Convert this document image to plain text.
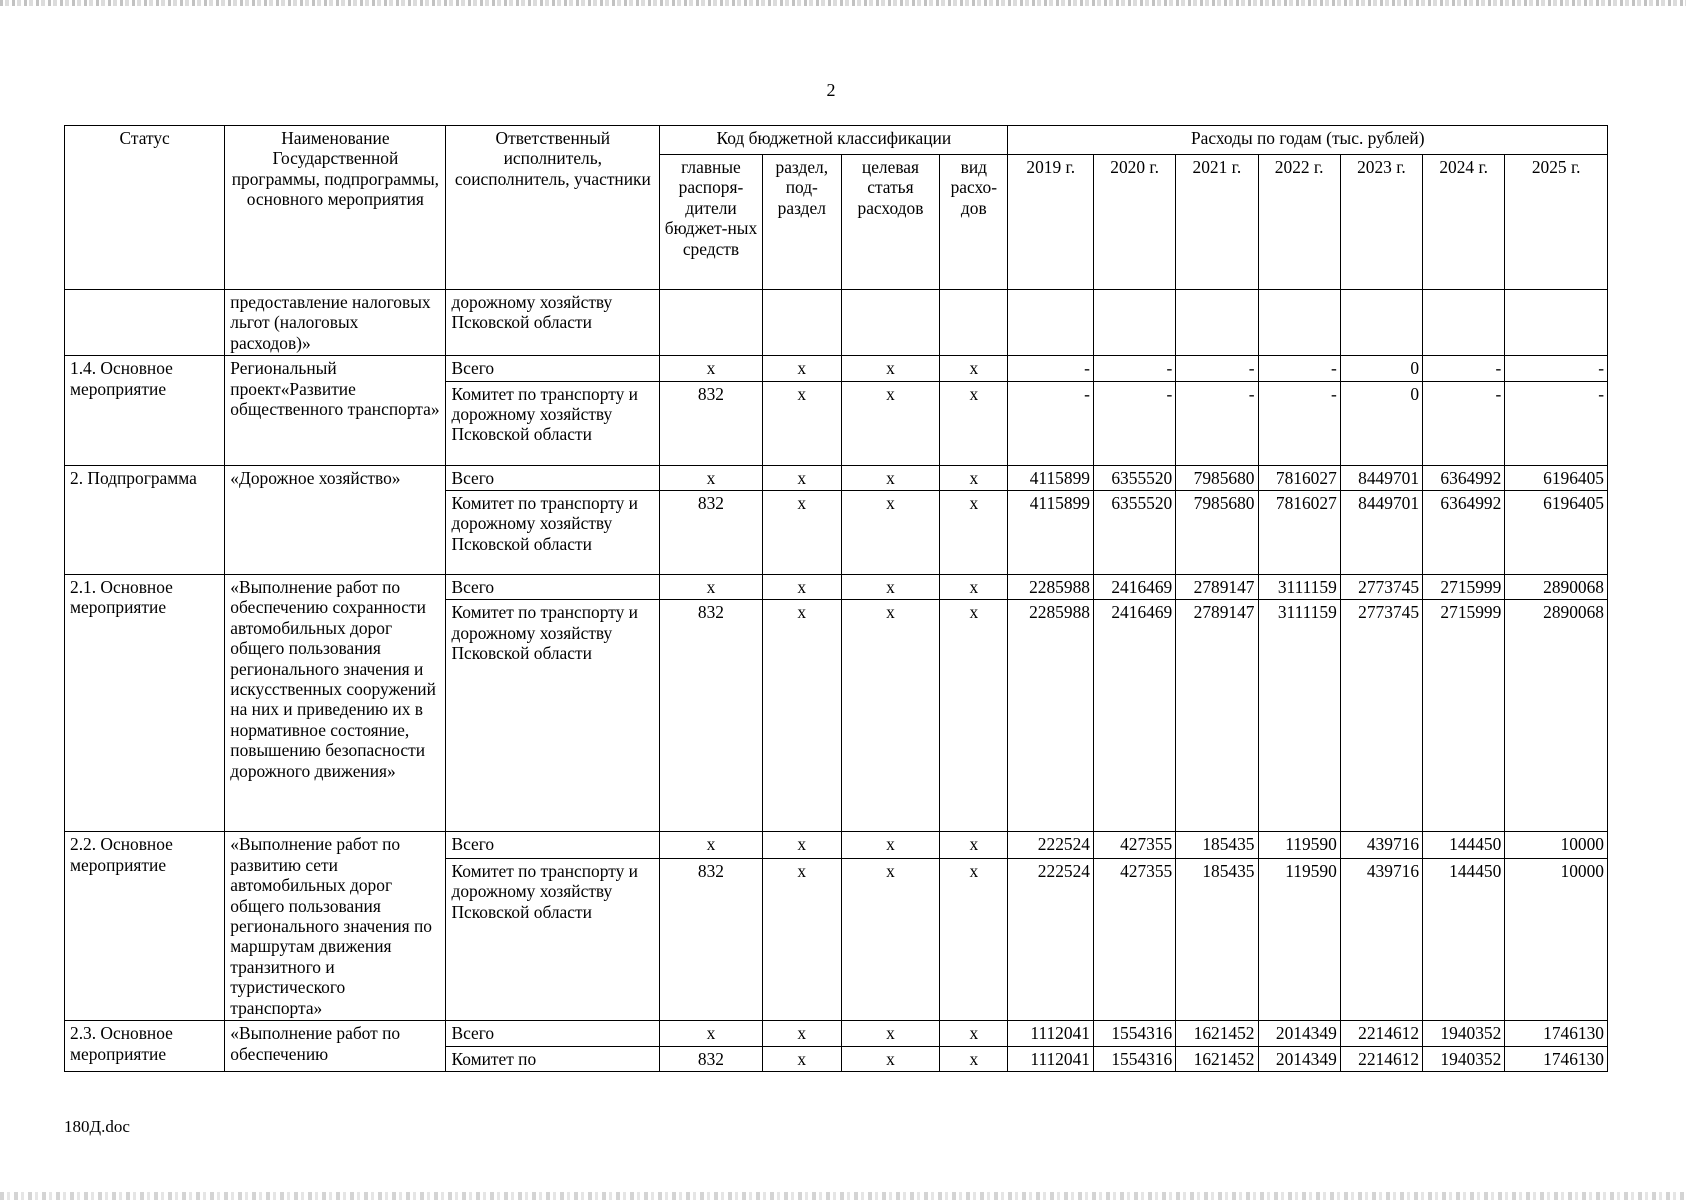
2
Статус	Наименование Государственной программы, подпрограммы, основного мероприятия	Ответственный исполнитель, соисполнитель, участники	Код бюджетной классификации				Расходы по годам (тыс. рублей)						
			главные распоря-дители бюджет-ных средств	раздел, под-раздел	целевая статья расходов	вид расхо-дов	2019 г.	2020 г.	2021 г.	2022 г.	2023 г.	2024 г.	2025 г.
	предоставление налоговых льгот (налоговых расходов)»	дорожному хозяйству Псковской области											
1.4. Основное мероприятие	Региональный проект«Развитие общественного транспорта»	Всего	x	x	x	x	-	-	-	-	0	-	-
		Комитет по транспорту и дорожному хозяйству Псковской области	832	x	x	x	-	-	-	-	0	-	-
2. Подпрограмма	«Дорожное хозяйство»	Всего	x	x	x	x	4115899	6355520	7985680	7816027	8449701	6364992	6196405
		Комитет по транспорту и дорожному хозяйству Псковской области	832	x	x	x	4115899	6355520	7985680	7816027	8449701	6364992	6196405
2.1. Основное мероприятие	«Выполнение работ по обеспечению сохранности автомобильных дорог общего пользования регионального значения и искусственных сооружений на них и приведению их в нормативное состояние, повышению безопасности дорожного движения»	Всего	x	x	x	x	2285988	2416469	2789147	3111159	2773745	2715999	2890068
		Комитет по транспорту и дорожному хозяйству Псковской области	832	x	x	x	2285988	2416469	2789147	3111159	2773745	2715999	2890068
2.2. Основное мероприятие	«Выполнение работ по развитию сети автомобильных дорог общего пользования регионального значения по маршрутам движения транзитного и туристического транспорта»	Всего	x	x	x	x	222524	427355	185435	119590	439716	144450	10000
		Комитет по транспорту и дорожному хозяйству Псковской области	832	x	x	x	222524	427355	185435	119590	439716	144450	10000
2.3. Основное мероприятие	«Выполнение работ по обеспечению	Всего	x	x	x	x	1112041	1554316	1621452	2014349	2214612	1940352	1746130
		Комитет по	832	x	x	x	1112041	1554316	1621452	2014349	2214612	1940352	1746130
180Д.doc
